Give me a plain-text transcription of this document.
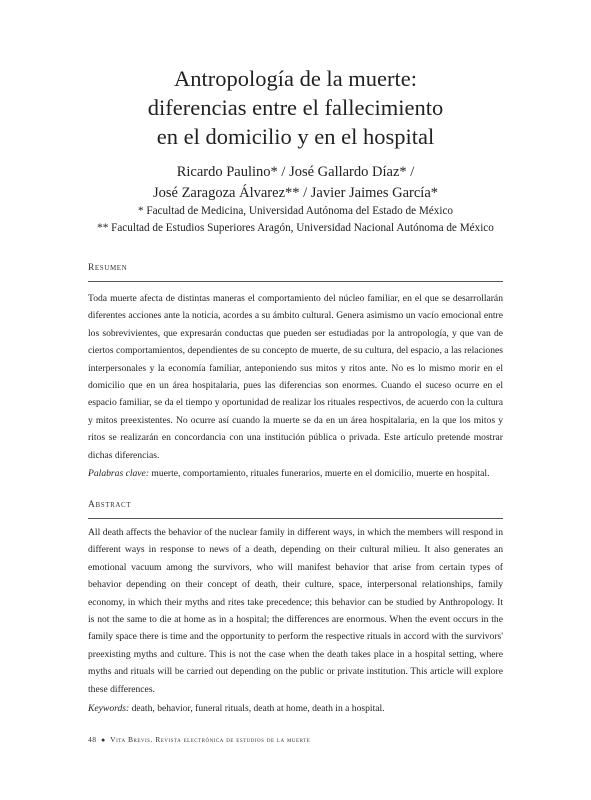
Antropología de la muerte:
diferencias entre el fallecimiento
en el domicilio y en el hospital
Ricardo Paulino* / José Gallardo Díaz* /
José Zaragoza Álvarez** / Javier Jaimes García*
* Facultad de Medicina, Universidad Autónoma del Estado de México
** Facultad de Estudios Superiores Aragón, Universidad Nacional Autónoma de México
Resumen

Toda muerte afecta de distintas maneras el comportamiento del núcleo familiar, en el que se desarrollarán diferentes acciones ante la noticia, acordes a su ámbito cultural. Genera asimismo un vacío emocional entre los sobrevivientes, que expresarán conductas que pueden ser estudiadas por la antropología, y que van de ciertos comportamientos, dependientes de su concepto de muerte, de su cultura, del espacio, a las relaciones interpersonales y la economía familiar, anteponiendo sus mitos y ritos ante. No es lo mismo morir en el domicilio que en un área hospitalaria, pues las diferencias son enormes. Cuando el suceso ocurre en el espacio familiar, se da el tiempo y oportunidad de realizar los rituales respectivos, de acuerdo con la cultura y mitos preexistentes. No ocurre así cuando la muerte se da en un área hospitalaria, en la que los mitos y ritos se realizarán en concordancia con una institución pública o privada. Este artículo pretende mostrar dichas diferencias.

Palabras clave: muerte, comportamiento, rituales funerarios, muerte en el domicilio, muerte en hospital.
Abstract

All death affects the behavior of the nuclear family in different ways, in which the members will respond in different ways in response to news of a death, depending on their cultural milieu. It also generates an emotional vacuum among the survivors, who will manifest behavior that arise from certain types of behavior depending on their concept of death, their culture, space, interpersonal relationships, family economy, in which their myths and rites take precedence; this behavior can be studied by Anthropology. It is not the same to die at home as in a hospital; the differences are enormous. When the event occurs in the family space there is time and the opportunity to perform the respective rituals in accord with the survivors' preexisting myths and culture. This is not the case when the death takes place in a hospital setting, where myths and rituals will be carried out depending on the public or private institution. This article will explore these differences.

Keywords: death, behavior, funeral rituals, death at home, death in a hospital.
48 ● Vita Brevis. Revista electrónica de estudios de la muerte
